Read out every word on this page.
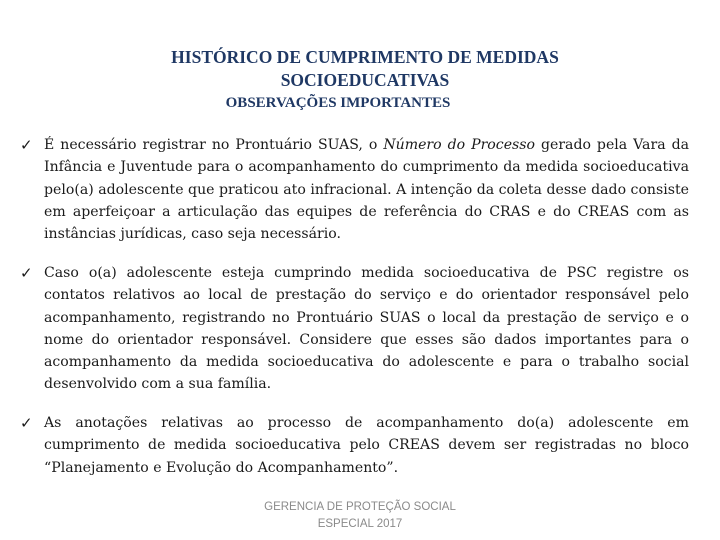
HISTÓRICO DE CUMPRIMENTO DE MEDIDAS
SOCIOEDUCATIVAS
OBSERVAÇÕES IMPORTANTES
✓ É necessário registrar no Prontuário SUAS, o Número do Processo gerado pela Vara da Infância e Juventude para o acompanhamento do cumprimento da medida socioeducativa pelo(a) adolescente que praticou ato infracional. A intenção da coleta desse dado consiste em aperfeiçoar a articulação das equipes de referência do CRAS e do CREAS com as instâncias jurídicas, caso seja necessário.
✓ Caso o(a) adolescente esteja cumprindo medida socioeducativa de PSC registre os contatos relativos ao local de prestação do serviço e do orientador responsável pelo acompanhamento, registrando no Prontuário SUAS o local da prestação de serviço e o nome do orientador responsável. Considere que esses são dados importantes para o acompanhamento da medida socioeducativa do adolescente e para o trabalho social desenvolvido com a sua família.
✓ As anotações relativas ao processo de acompanhamento do(a) adolescente em cumprimento de medida socioeducativa pelo CREAS devem ser registradas no bloco “Planejamento e Evolução do Acompanhamento”.
GERENCIA DE PROTEÇÃO SOCIAL
ESPECIAL 2017
